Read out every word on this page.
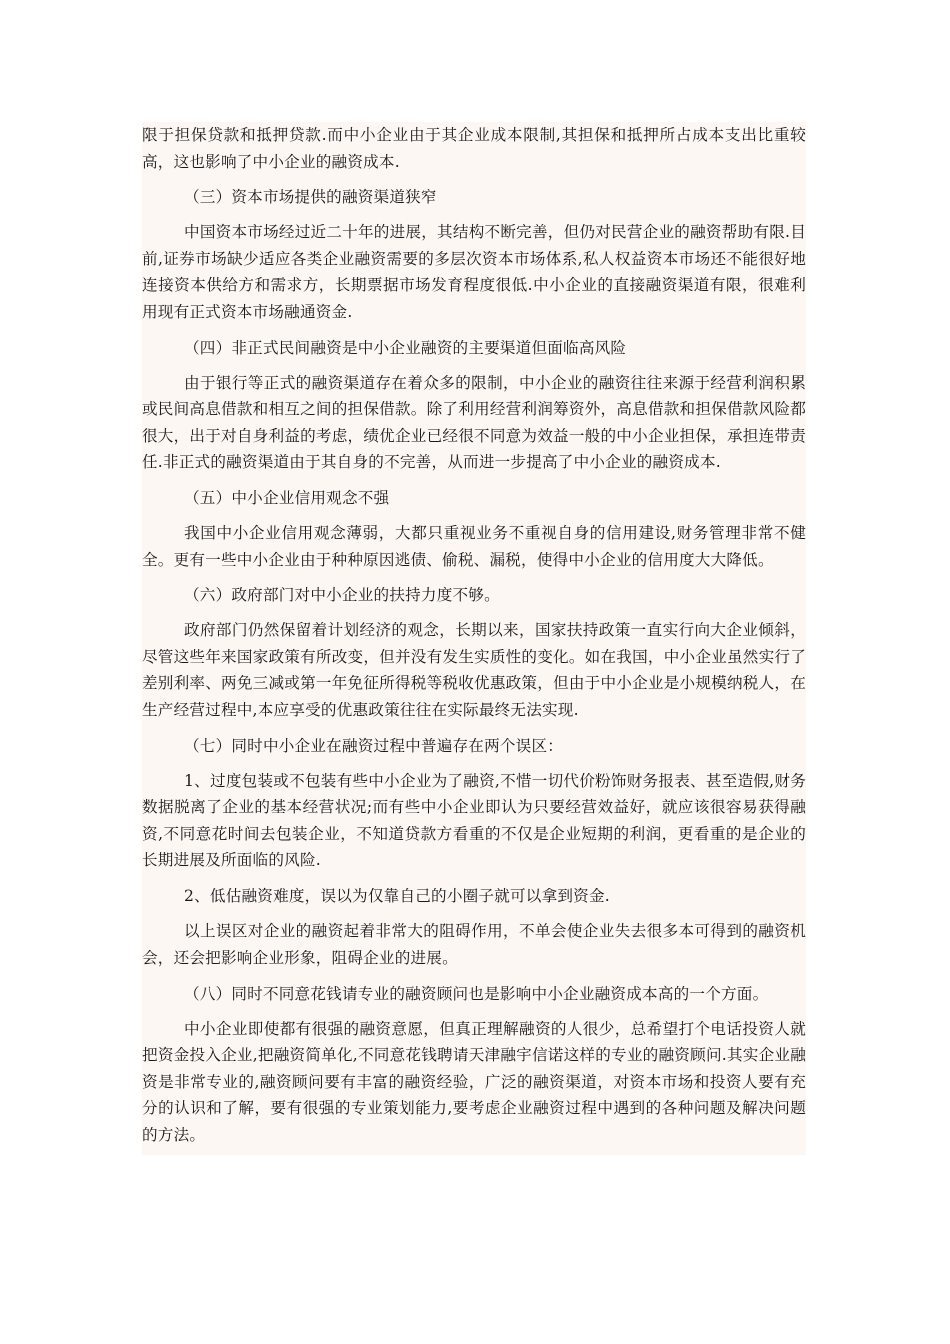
限于担保贷款和抵押贷款.而中小企业由于其企业成本限制,其担保和抵押所占成本支出比重较高，这也影响了中小企业的融资成本.

（三）资本市场提供的融资渠道狭窄

中国资本市场经过近二十年的进展，其结构不断完善，但仍对民营企业的融资帮助有限.目前,证券市场缺少适应各类企业融资需要的多层次资本市场体系,私人权益资本市场还不能很好地连接资本供给方和需求方，长期票据市场发育程度很低.中小企业的直接融资渠道有限，很难利用现有正式资本市场融通资金.

（四）非正式民间融资是中小企业融资的主要渠道但面临高风险

由于银行等正式的融资渠道存在着众多的限制，中小企业的融资往往来源于经营利润积累或民间高息借款和相互之间的担保借款。除了利用经营利润筹资外，高息借款和担保借款风险都很大，出于对自身利益的考虑，绩优企业已经很不同意为效益一般的中小企业担保，承担连带责任.非正式的融资渠道由于其自身的不完善，从而进一步提高了中小企业的融资成本.

（五）中小企业信用观念不强

我国中小企业信用观念薄弱，大都只重视业务不重视自身的信用建设,财务管理非常不健全。更有一些中小企业由于种种原因逃债、偷税、漏税，使得中小企业的信用度大大降低。

（六）政府部门对中小企业的扶持力度不够。

政府部门仍然保留着计划经济的观念，长期以来，国家扶持政策一直实行向大企业倾斜，尽管这些年来国家政策有所改变，但并没有发生实质性的变化。如在我国，中小企业虽然实行了差别利率、两免三减或第一年免征所得税等税收优惠政策，但由于中小企业是小规模纳税人，在生产经营过程中,本应享受的优惠政策往往在实际最终无法实现.

（七）同时中小企业在融资过程中普遍存在两个误区：

1、过度包装或不包装有些中小企业为了融资,不惜一切代价粉饰财务报表、甚至造假,财务数据脱离了企业的基本经营状况;而有些中小企业即认为只要经营效益好，就应该很容易获得融资,不同意花时间去包装企业，不知道贷款方看重的不仅是企业短期的利润，更看重的是企业的长期进展及所面临的风险.

2、低估融资难度，误以为仅靠自己的小圈子就可以拿到资金.

以上误区对企业的融资起着非常大的阻碍作用，不单会使企业失去很多本可得到的融资机会，还会把影响企业形象，阻碍企业的进展。

（八）同时不同意花钱请专业的融资顾问也是影响中小企业融资成本高的一个方面。

中小企业即使都有很强的融资意愿，但真正理解融资的人很少，总希望打个电话投资人就把资金投入企业,把融资简单化,不同意花钱聘请天津融宇信诺这样的专业的融资顾问.其实企业融资是非常专业的,融资顾问要有丰富的融资经验，广泛的融资渠道，对资本市场和投资人要有充分的认识和了解，要有很强的专业策划能力,要考虑企业融资过程中遇到的各种问题及解决问题的方法。
